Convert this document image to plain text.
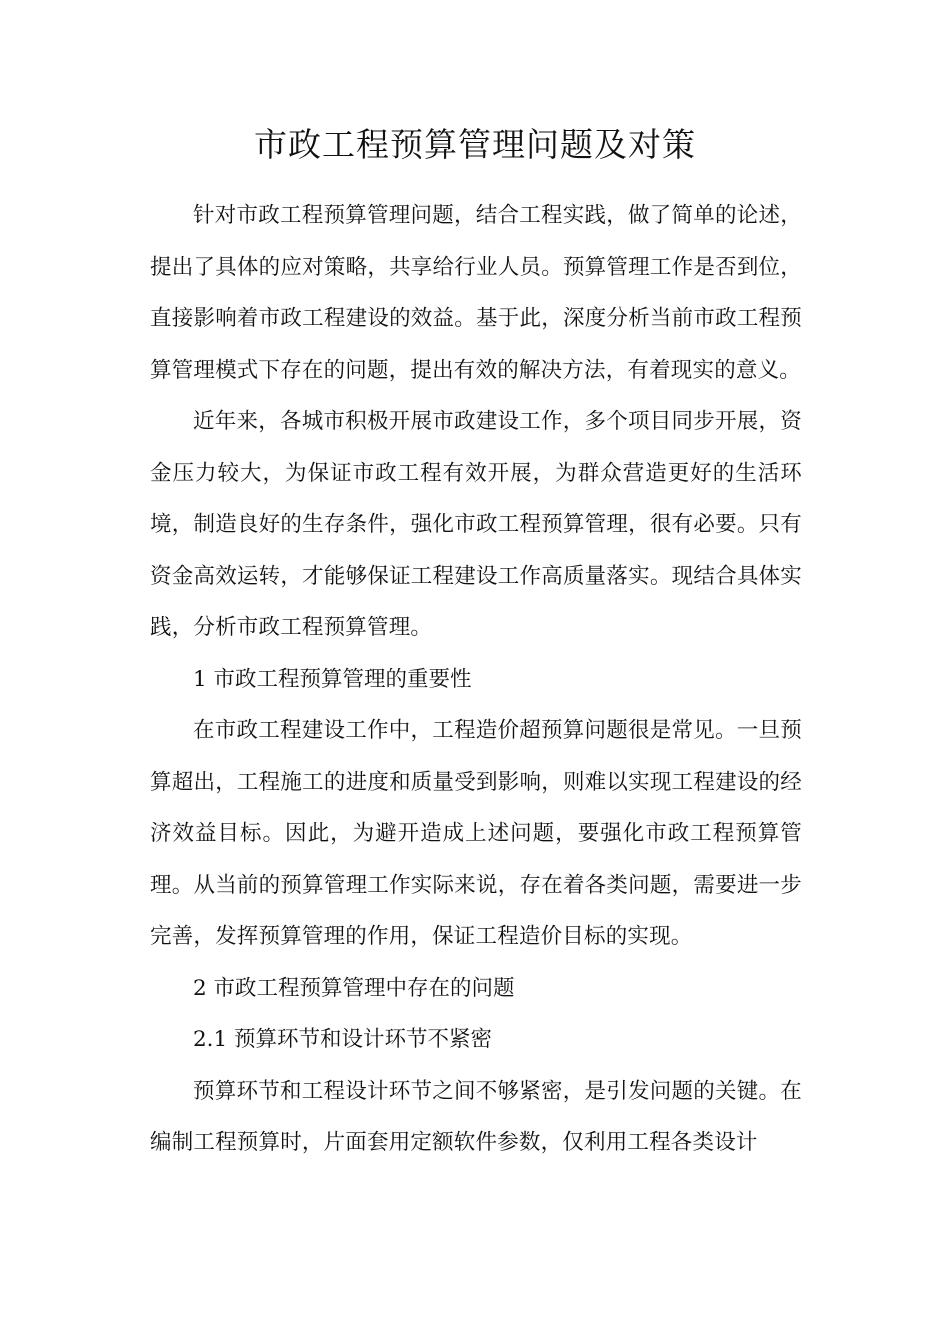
市政工程预算管理问题及对策

针对市政工程预算管理问题，结合工程实践，做了简单的论述，提出了具体的应对策略，共享给行业人员。预算管理工作是否到位，直接影响着市政工程建设的效益。基于此，深度分析当前市政工程预算管理模式下存在的问题，提出有效的解决方法，有着现实的意义。

近年来，各城市积极开展市政建设工作，多个项目同步开展，资金压力较大，为保证市政工程有效开展，为群众营造更好的生活环境，制造良好的生存条件，强化市政工程预算管理，很有必要。只有资金高效运转，才能够保证工程建设工作高质量落实。现结合具体实践，分析市政工程预算管理。

1 市政工程预算管理的重要性

在市政工程建设工作中，工程造价超预算问题很是常见。一旦预算超出，工程施工的进度和质量受到影响，则难以实现工程建设的经济效益目标。因此，为避开造成上述问题，要强化市政工程预算管理。从当前的预算管理工作实际来说，存在着各类问题，需要进一步完善，发挥预算管理的作用，保证工程造价目标的实现。

2 市政工程预算管理中存在的问题
2.1 预算环节和设计环节不紧密

预算环节和工程设计环节之间不够紧密，是引发问题的关键。在编制工程预算时，片面套用定额软件参数，仅利用工程各类设计
